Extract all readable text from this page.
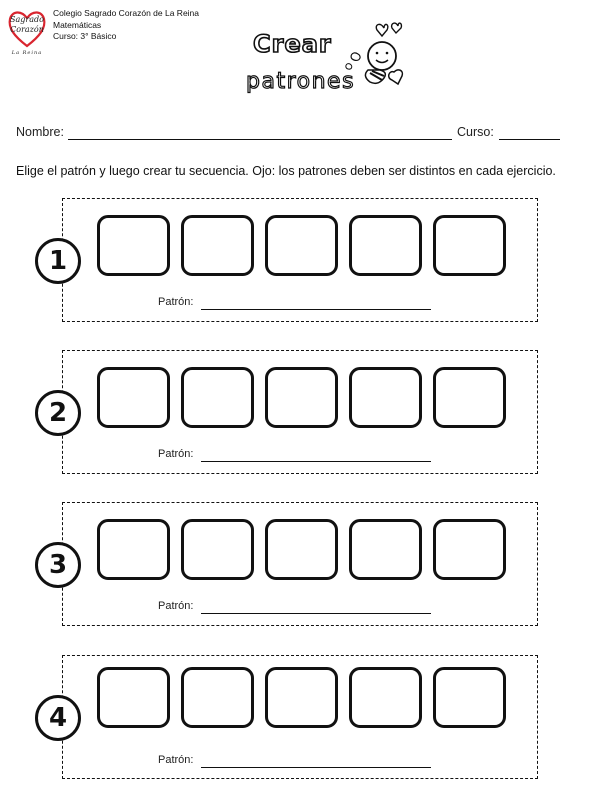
Sagrado
Corazón
La Reina
Colegio Sagrado Corazón de La Reina
Matemáticas
Curso: 3° Básico	Crear
patrones
Nombre:	Curso:
Elige el patrón y luego crear tu secuencia. Ojo: los patrones deben ser distintos en cada ejercicio.
1
Patrón:
2
Patrón:
3
Patrón:
4
Patrón:
